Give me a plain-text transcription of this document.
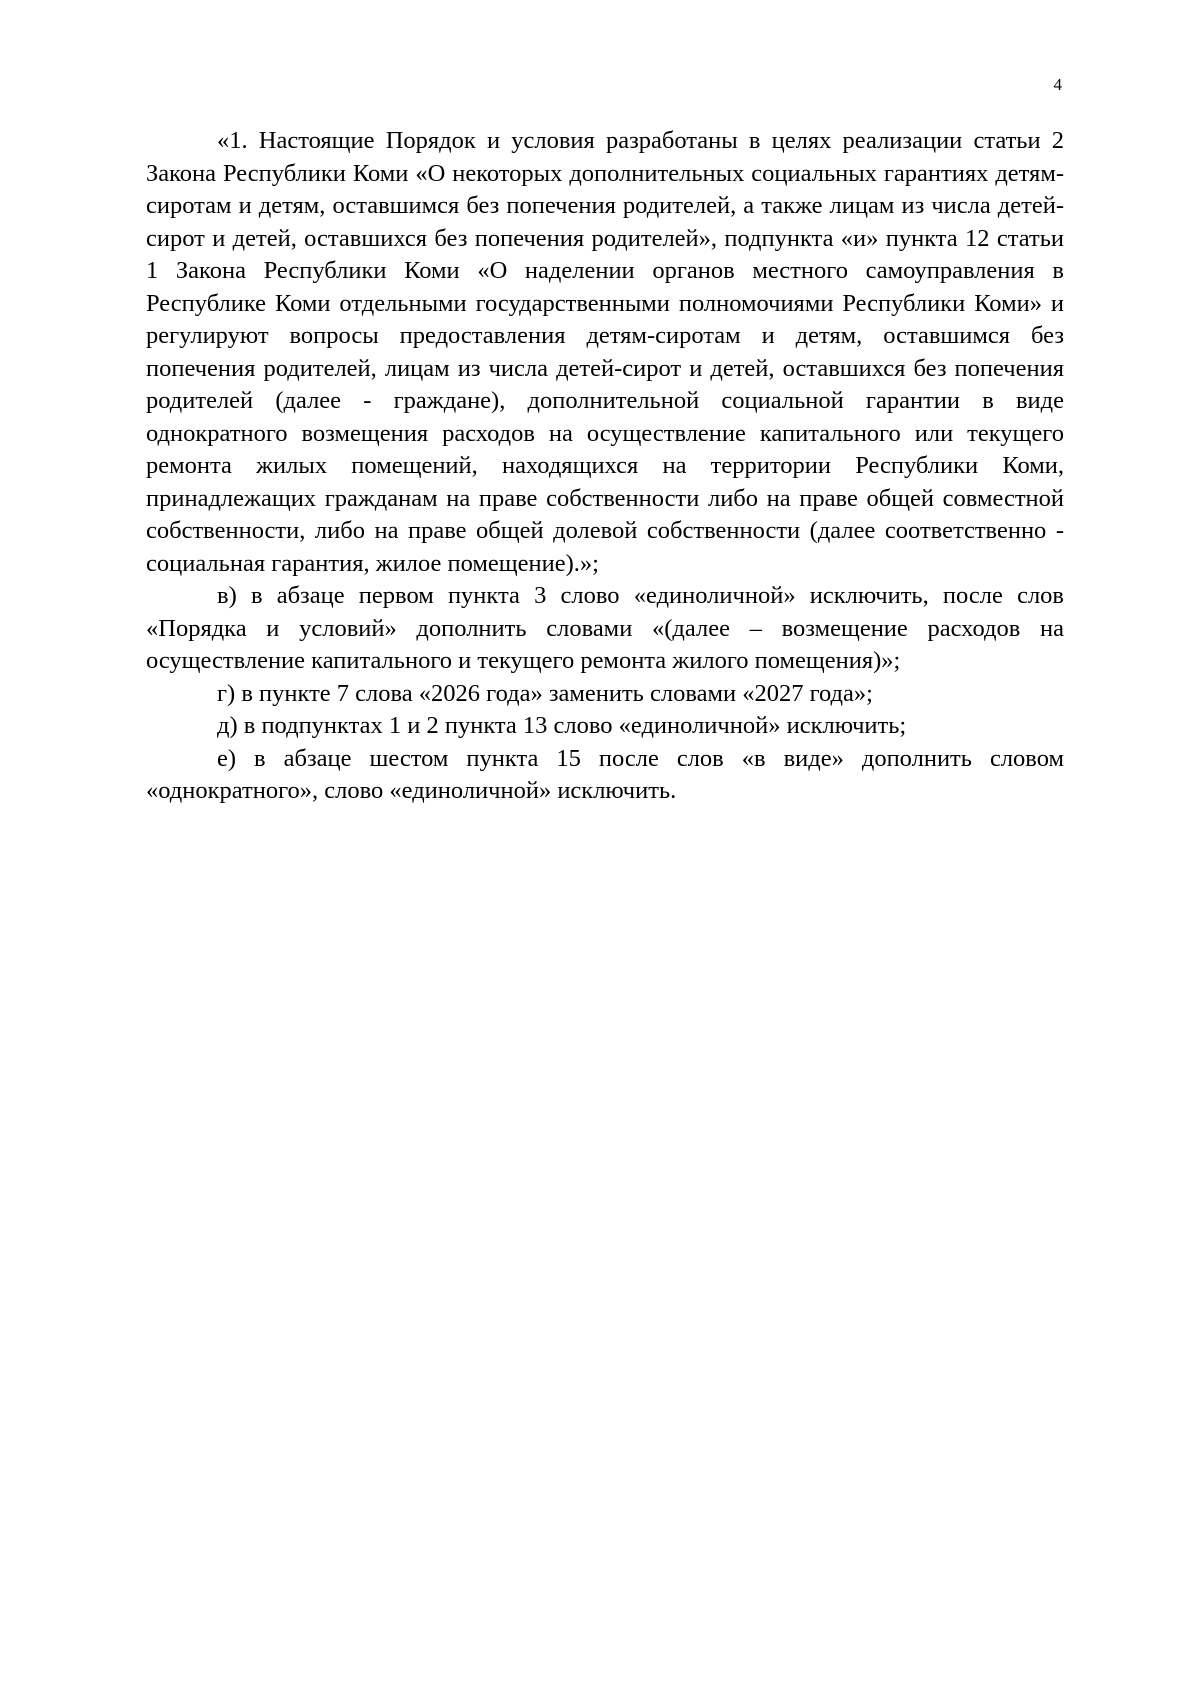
4

«1. Настоящие Порядок и условия разработаны в целях реализации статьи 2 Закона Республики Коми «О некоторых дополнительных социальных гарантиях детям-сиротам и детям, оставшимся без попечения родителей, а также лицам из числа детей-сирот и детей, оставшихся без попечения родителей», подпункта «и» пункта 12 статьи 1 Закона Республики Коми «О наделении органов местного самоуправления в Республике Коми отдельными государственными полномочиями Республики Коми» и регулируют вопросы предоставления детям-сиротам и детям, оставшимся без попечения родителей, лицам из числа детей-сирот и детей, оставшихся без попечения родителей (далее - граждане), дополнительной социальной гарантии в виде однократного возмещения расходов на осуществление капитального или текущего ремонта жилых помещений, находящихся на территории Республики Коми, принадлежащих гражданам на праве собственности либо на праве общей совместной собственности, либо на праве общей долевой собственности (далее соответственно - социальная гарантия, жилое помещение).»;

в) в абзаце первом пункта 3 слово «единоличной» исключить, после слов «Порядка и условий» дополнить словами «(далее – возмещение расходов на осуществление капитального и текущего ремонта жилого помещения)»;

г) в пункте 7 слова «2026 года» заменить словами «2027 года»;

д) в подпунктах 1 и 2 пункта 13 слово «единоличной» исключить;

е) в абзаце шестом пункта 15 после слов «в виде» дополнить словом «однократного», слово «единоличной» исключить.
